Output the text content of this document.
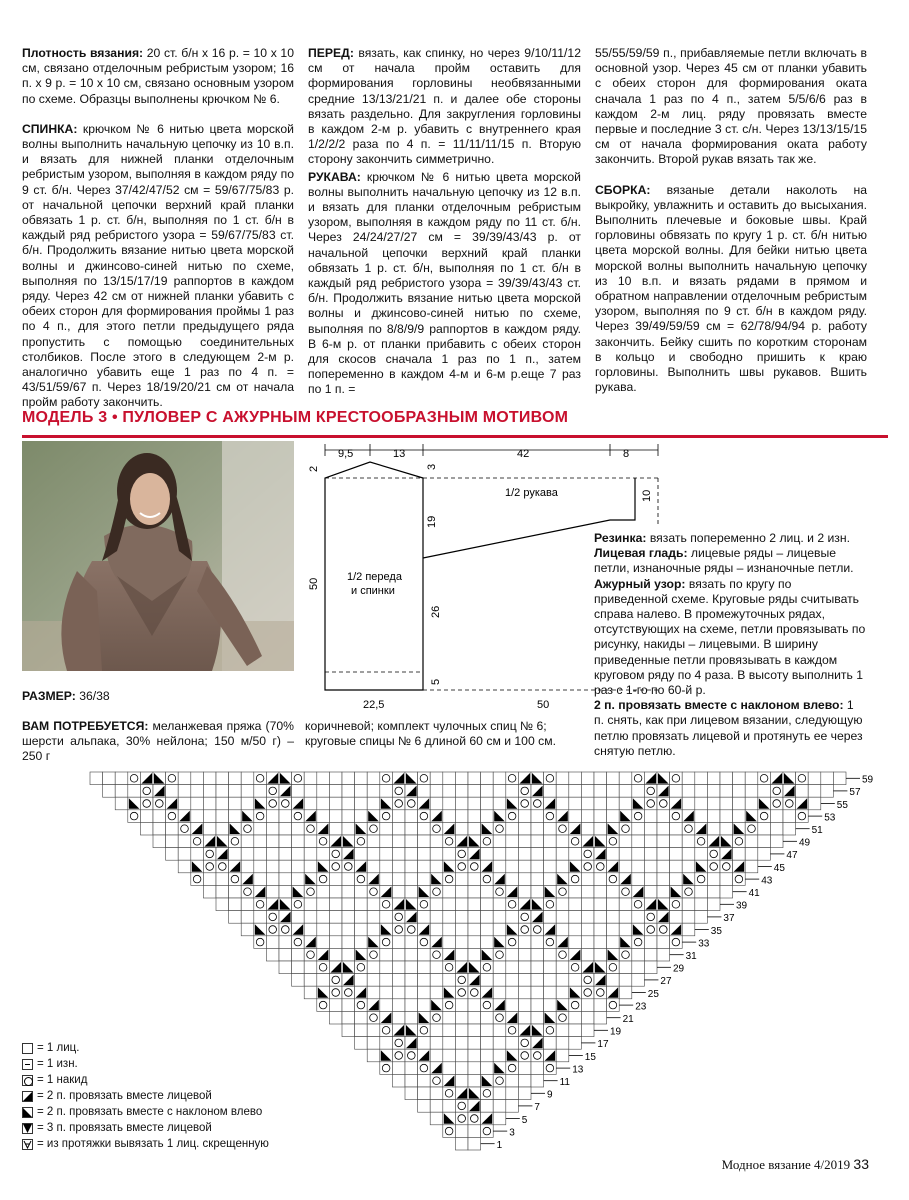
Плотность вязания: 20 ст. б/н х 16 р. = 10 х 10 см, связано отделочным ребристым узором; 16 п. х 9 р. = 10 х 10 см, связано основным узором по схеме. Образцы выполнены крючком № 6.

СПИНКА: крючком № 6 нитью цвета морской волны выполнить начальную цепочку из 10 в.п. и вязать для нижней планки отделочным ребристым узором, выполняя в каждом ряду по 9 ст. б/н. Через 37/42/47/52 см = 59/67/75/83 р. от начальной цепочки верхний край планки обвязать 1 р. ст. б/н, выполняя по 1 ст. б/н в каждый ряд ребристого узора = 59/67/75/83 ст. б/н. Продолжить вязание нитью цвета морской волны и джинсово-синей нитью по схеме, выполняя по 13/15/17/19 раппортов в каждом ряду. Через 42 см от нижней планки убавить с обеих сторон для формирования проймы 1 раз по 4 п., для этого петли предыдущего ряда пропустить с помощью соединительных столбиков. После этого в следующем 2-м р. аналогично убавить еще 1 раз по 4 п. = 43/51/59/67 п. Через 18/19/20/21 см от начала пройм работу закончить.

ПЕРЕД: вязать, как спинку, но через 9/10/11/12 см от начала пройм оставить для формирования горловины необвязанными средние 13/13/21/21 п. и далее обе стороны вязать раздельно. Для закругления горловины в каждом 2-м р. убавить с внутреннего края 1/2/2/2 раза по 4 п. = 11/11/11/15 п. Вторую сторону закончить симметрично.

РУКАВА: крючком № 6 нитью цвета морской волны выполнить начальную цепочку из 12 в.п. и вязать для планки отделочным ребристым узором, выполняя в каждом ряду по 11 ст. б/н. Через 24/24/27/27 см = 39/39/43/43 р. от начальной цепочки верхний край планки обвязать 1 р. ст. б/н, выполняя по 1 ст. б/н в каждый ряд ребристого узора = 39/39/43/43 ст. б/н. Продолжить вязание нитью цвета морской волны и джинсово-синей нитью по схеме, выполняя по 8/8/9/9 раппортов в каждом ряду. В 6-м р. от планки прибавить с обеих сторон для скосов сначала 1 раз по 1 п., затем попеременно в каждом 4-м и 6-м р.еще 7 раз по 1 п. =

55/55/59/59 п., прибавляемые петли включать в основной узор. Через 45 см от планки убавить с обеих сторон для формирования оката сначала 1 раз по 4 п., затем 5/5/6/6 раз в каждом 2-м лиц. ряду провязать вместе первые и последние 3 ст. с/н. Через 13/13/15/15 см от начала формирования оката работу закончить. Второй рукав вязать так же.

СБОРКА: вязаные детали наколоть на выкройку, увлажнить и оставить до высыхания. Выполнить плечевые и боковые швы. Край горловины обвязать по кругу 1 р. ст. б/н нитью цвета морской волны. Для бейки нитью цвета морской волны выполнить начальную цепочку из 10 в.п. и вязать рядами в прямом и обратном направлении отделочным ребристым узором, выполняя по 9 ст. б/н в каждом ряду. Через 39/49/59/59 см = 62/78/94/94 р. работу закончить. Бейку сшить по коротким сторонам в кольцо и свободно пришить к краю горловины. Выполнить швы рукавов. Вшить рукава.

МОДЕЛЬ 3 • ПУЛОВЕР С АЖУРНЫМ КРЕСТООБРАЗНЫМ МОТИВОМ
9,5	13	42	8
1/2 рукава	10
50
2	3
19
26
5
1/2 переда
и спинки
22,5	50

Резинка: вязать попеременно 2 лиц. и 2 изн.

Лицевая гладь: лицевые ряды – лицевые петли, изнаночные ряды – изнаночные петли.

Ажурный узор: вязать по кругу по приведенной схеме. Круговые ряды считывать справа налево. В промежуточных рядах, отсутствующих на схеме, петли провязывать по рисунку, накиды – лицевыми. В ширину приведенные петли провязывать в каждом круговом ряду по 4 раза. В высоту выполнить 1 раз с 1-го по 60-й р.

2 п. провязать вместе с наклоном влево: 1 п. снять, как при лицевом вязании, следующую петлю провязать лицевой и протянуть ее через снятую петлю.

РАЗМЕР: 36/38
ВАМ ПОТРЕБУЕТСЯ: меланжевая пряжа (70% шерсти альпака, 30% нейлона; 150 м/50 г) – 250 г
коричневой; комплект чулочных спиц № 6; круговые спицы № 6 длиной 60 см и 100 см.
59
57
55
53
51
49
47
45
43
41
39
37
35
33
31
29
27
25
23
21
19
17
15
13
11
9
7
5
3
1
= 1 лиц.
= 1 изн.
= 1 накид
= 2 п. провязать вместе лицевой
= 2 п. провязать вместе с наклоном влево
= 3 п. провязать вместе лицевой
= из протяжки вывязать 1 лиц. скрещенную
Модное вязание 4/2019 33
